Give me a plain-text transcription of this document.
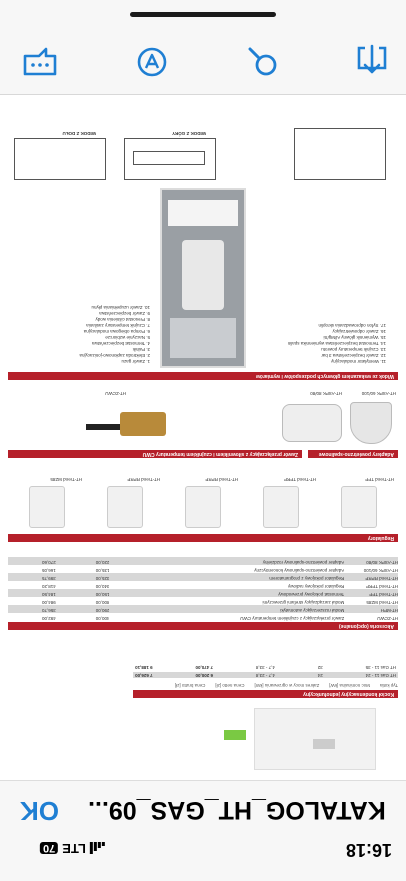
Kocioł kondensacyjny jednofunkcyjny
Typ kotła
Moc nominalna [kW]
Zakres mocy w ogrzewaniu [kW]
Cena netto [zł]
Cena brutto [zł]
HT Gas 11 - 24
24
4,7 - 23,8
6 200,00
7 626,00
HT Gas 11 - 35
32
4,7 - 33,8
7 470,00
9 188,10
Akcesoria (opcjonalne)
HT-ZCWU
Zawór przełączający z czujnikiem temperatury CWU
400,00
492,00
HT-MPH
Moduł rozszerzający automatyki
290,00
356,70
HT-Trend MZ85
Moduł zarządzający strefami grzewczymi
800,00
984,00
HT-Trend TPP
Termostat pokojowy przewodowy
150,00
184,50
HT-Trend TPRP
Regulator pokojowy radiowy
340,00
418,20
HT-Trend RPRP
Regulator pokojowy z programatorem
325,00
399,75
HT-ASPK 60/100
Adapter powietrzno-spalinowy koncentryczny
135,00
166,05
HT-ASPK 80/80
Adapter powietrzno-spalinowy rozdzielny
220,00
270,60
Regulatory
HT-Trend TPP
HT-Trend TPRP
HT-Trend RPRP
HT-Trend RPRP
HT-Trend MZ85
Adaptery powietrzno-spalinowe
Zawór przełączający z siłownikiem i czujnikiem temperatury CWU
HT-ASPK 60/100
HT-ASPK 80/80
HT-ZCWU
Widok ze wskazaniem głównych podzespołów i wymiarów
11. Wentylator modulacyjny
12. Zawór bezpieczeństwa 3 bar
13. Czujnik temperatury powrotu
14. Termostat bezpieczeństwa wymiennika spalin
15. Wymiennik główny Al/Mg/Si
16. Zawór odpowietrzający
17. Syfon odprowadzania skroplin
1. Zawór gazu
2. Elektroda zapłonowo-jonizacyjna
3. Palnik
4. Termostat bezpieczeństwa
5. Naczynie wzbiorcze
6. Pompa obiegowa modulacyjna
7. Czujnik temperatury zasilania
8. Presostat ciśnienia wody
9. Zawór bezpieczeństwa
10. Zawór uzupełniania płynu
WIDOK Z GÓRY
WIDOK Z DOŁU
OK KATALOG_HT_GAS_09...
16:18
LTE
70
